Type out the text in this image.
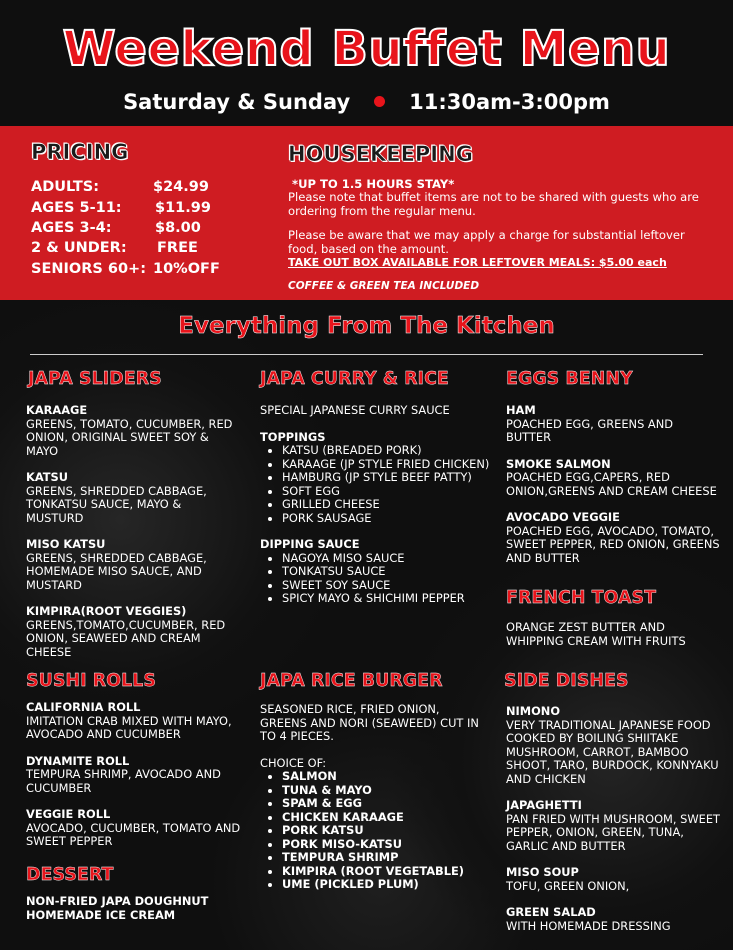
Weekend Buffet Menu
Saturday & Sunday	11:30am-3:00pm
PRICING
ADULTS:	$24.99
AGES 5-11: $11.99
AGES 3-4:	$8.00
2 & UNDER: FREE
SENIORS 60+: 10%OFF
HOUSEKEEPING
*UP TO 1.5 HOURS STAY*
Please note that buffet items are not to be shared with guests who are ordering from the regular menu.
Please be aware that we may apply a charge for substantial leftover food, based on the amount.
TAKE OUT BOX AVAILABLE FOR LEFTOVER MEALS: $5.00 each
COFFEE & GREEN TEA INCLUDED
Everything From The Kitchen
JAPA SLIDERS
KARAAGE
GREENS, TOMATO, CUCUMBER, RED ONION, ORIGINAL SWEET SOY & MAYO
KATSU
GREENS, SHREDDED CABBAGE, TONKATSU SAUCE, MAYO & MUSTURD
MISO KATSU
GREENS, SHREDDED CABBAGE, HOMEMADE MISO SAUCE, AND MUSTARD
KIMPIRA(ROOT VEGGIES)
GREENS,TOMATO,CUCUMBER, RED ONION, SEAWEED AND CREAM CHEESE
SUSHI ROLLS
CALIFORNIA ROLL
IMITATION CRAB MIXED WITH MAYO, AVOCADO AND CUCUMBER
DYNAMITE ROLL
TEMPURA SHRIMP, AVOCADO AND CUCUMBER
VEGGIE ROLL
AVOCADO, CUCUMBER, TOMATO AND SWEET PEPPER
DESSERT
NON-FRIED JAPA DOUGHNUT
HOMEMADE ICE CREAM
JAPA CURRY & RICE
SPECIAL JAPANESE CURRY SAUCE
TOPPINGS
• KATSU (BREADED PORK)
• KARAAGE (JP STYLE FRIED CHICKEN)
• HAMBURG (JP STYLE BEEF PATTY)
• SOFT EGG
• GRILLED CHEESE
• PORK SAUSAGE
DIPPING SAUCE
• NAGOYA MISO SAUCE
• TONKATSU SAUCE
• SWEET SOY SAUCE
• SPICY MAYO & SHICHIMI PEPPER
JAPA RICE BURGER
SEASONED RICE, FRIED ONION, GREENS AND NORI (SEAWEED) CUT IN TO 4 PIECES.
CHOICE OF:
• SALMON
• TUNA & MAYO
• SPAM & EGG
• CHICKEN KARAAGE
• PORK KATSU
• PORK MISO-KATSU
• TEMPURA SHRIMP
• KIMPIRA (ROOT VEGETABLE)
• UME (PICKLED PLUM)
EGGS BENNY
HAM
POACHED EGG, GREENS AND BUTTER
SMOKE SALMON
POACHED EGG,CAPERS, RED ONION,GREENS AND CREAM CHEESE
AVOCADO VEGGIE
POACHED EGG, AVOCADO, TOMATO, SWEET PEPPER, RED ONION, GREENS AND BUTTER
FRENCH TOAST
ORANGE ZEST BUTTER AND WHIPPING CREAM WITH FRUITS
SIDE DISHES
NIMONO
VERY TRADITIONAL JAPANESE FOOD COOKED BY BOILING SHIITAKE MUSHROOM, CARROT, BAMBOO SHOOT, TARO, BURDOCK, KONNYAKU AND CHICKEN
JAPAGHETTI
PAN FRIED WITH MUSHROOM, SWEET PEPPER, ONION, GREEN, TUNA, GARLIC AND BUTTER
MISO SOUP
TOFU, GREEN ONION,
GREEN SALAD
WITH HOMEMADE DRESSING
